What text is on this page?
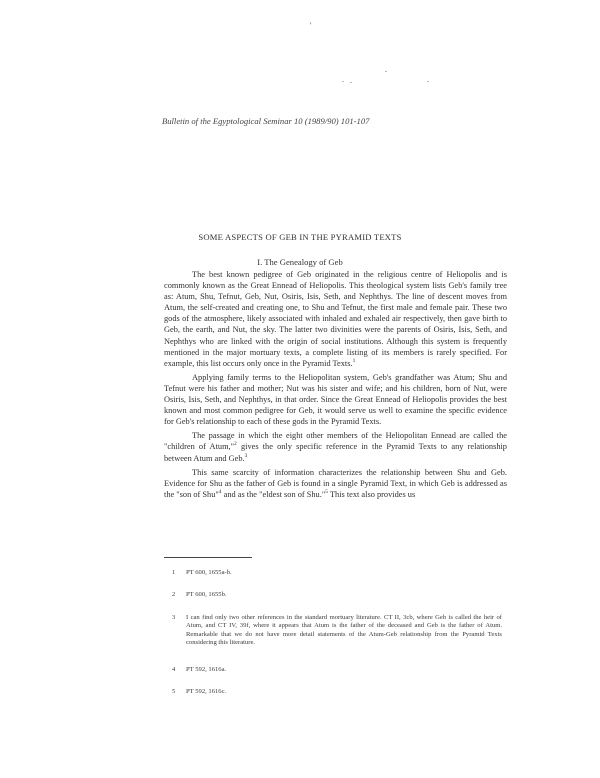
'
. .
.
.
Bulletin of the Egyptological Seminar 10 (1989/90) 101-107
SOME ASPECTS OF GEB IN THE PYRAMID TEXTS
I. The Genealogy of Geb

The best known pedigree of Geb originated in the religious centre of Heliopolis and is commonly known as the Great Ennead of Heliopolis. This theological system lists Geb's family tree as: Atum, Shu, Tefnut, Geb, Nut, Osiris, Isis, Seth, and Nephthys. The line of descent moves from Atum, the self-created and creating one, to Shu and Tefnut, the first male and female pair. These two gods of the atmosphere, likely associated with inhaled and exhaled air respectively, then gave birth to Geb, the earth, and Nut, the sky. The latter two divinities were the parents of Osiris, Isis, Seth, and Nephthys who are linked with the origin of social institutions. Although this system is frequently mentioned in the major mortuary texts, a complete listing of its members is rarely specified. For example, this list occurs only once in the Pyramid Texts.$^1$

Applying family terms to the Heliopolitan system, Geb's grandfather was Atum; Shu and Tefnut were his father and mother; Nut was his sister and wife; and his children, born of Nut, were Osiris, Isis, Seth, and Nephthys, in that order. Since the Great Ennead of Heliopolis provides the best known and most common pedigree for Geb, it would serve us well to examine the specific evidence for Geb's relationship to each of these gods in the Pyramid Texts.

The passage in which the eight other members of the Heliopolitan Ennead are called the "children of Atum,"$^2$ gives the only specific reference in the Pyramid Texts to any relationship between Atum and Geb.$^3$

This same scarcity of information characterizes the relationship between Shu and Geb. Evidence for Shu as the father of Geb is found in a single Pyramid Text, in which Geb is addressed as the "son of Shu"$^4$ and as the "eldest son of Shu."$^5$ This text also provides us

1	PT 600, 1655a-b.
2	PT 600, 1655b.
3	I can find only two other references in the standard mortuary literature. CT II, 3cb, where Geb is called the heir of Atum, and CT IV, 39f, where it appears that Atum is the father of the deceased and Geb is the father of Atum. Remarkable that we do not have more detail statements of the Atum-Geb relationship from the Pyramid Texts considering this literature.
4	PT 592, 1616a.
5	PT 592, 1616c.
